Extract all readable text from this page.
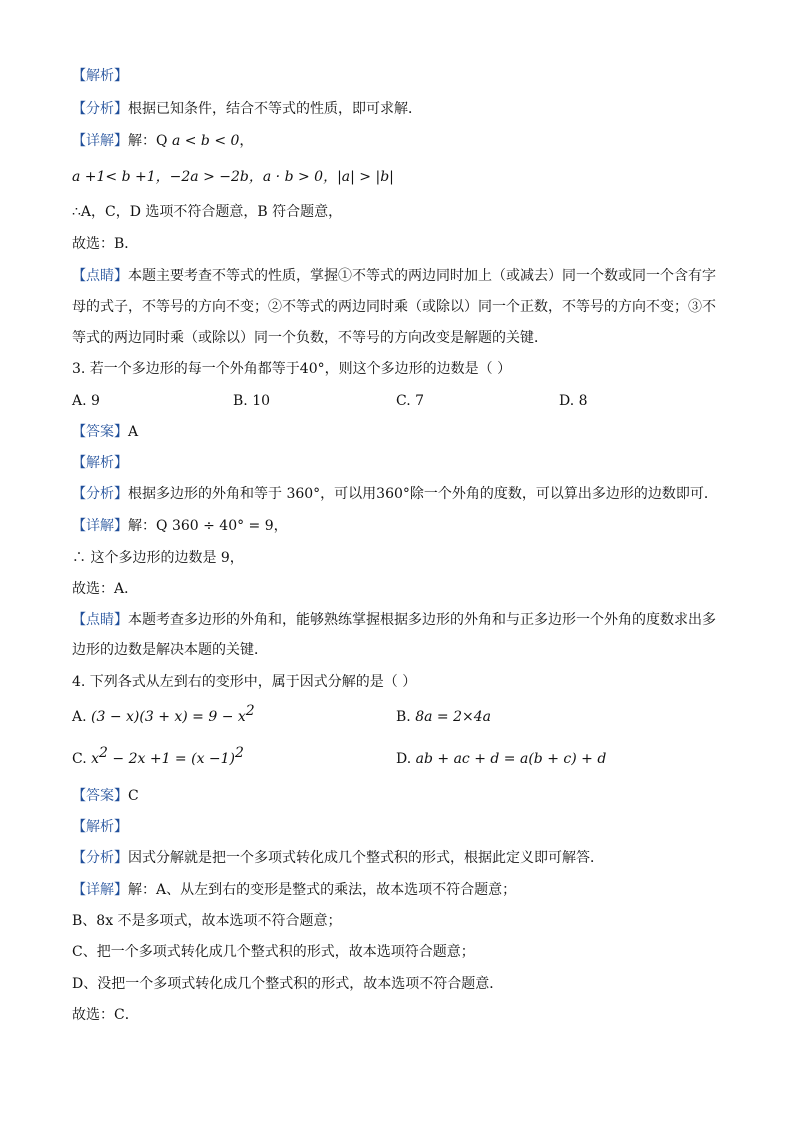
【解析】
【分析】根据已知条件，结合不等式的性质，即可求解．
【详解】解：Q a < b < 0，
a +1< b +1，−2a > −2b，a · b > 0，|a| > |b|
∴A，C，D 选项不符合题意，B 符合题意，
故选：B．
【点睛】本题主要考查不等式的性质，掌握①不等式的两边同时加上（或减去）同一个数或同一个含有字
母的式子，不等号的方向不变；②不等式的两边同时乘（或除以）同一个正数，不等号的方向不变；③不
等式的两边同时乘（或除以）同一个负数，不等号的方向改变是解题的关键．
3. 若一个多边形的每一个外角都等于40°，则这个多边形的边数是（ ）
A. 9	B. 10	C. 7	D. 8
【答案】A
【解析】
【分析】根据多边形的外角和等于 360°，可以用360°除一个外角的度数，可以算出多边形的边数即可．
【详解】解：Q 360 ÷ 40° = 9，
∴ 这个多边形的边数是 9，
故选：A．
【点睛】本题考查多边形的外角和，能够熟练掌握根据多边形的外角和与正多边形一个外角的度数求出多
边形的边数是解决本题的关键．
4. 下列各式从左到右的变形中，属于因式分解的是（ ）
A. $(3 - x)(3 + x) = 9 - x^2$	B. 8a = 2×4a
C. $x^2 - 2x +1 = (x -1)^2$	D. ab + ac + d = a(b + c) + d
【答案】C
【解析】
【分析】因式分解就是把一个多项式转化成几个整式积的形式，根据此定义即可解答．
【详解】解：A、从左到右的变形是整式的乘法，故本选项不符合题意；
B、8x 不是多项式，故本选项不符合题意；
C、把一个多项式转化成几个整式积的形式，故本选项符合题意；
D、没把一个多项式转化成几个整式积的形式，故本选项不符合题意．
故选：C．
